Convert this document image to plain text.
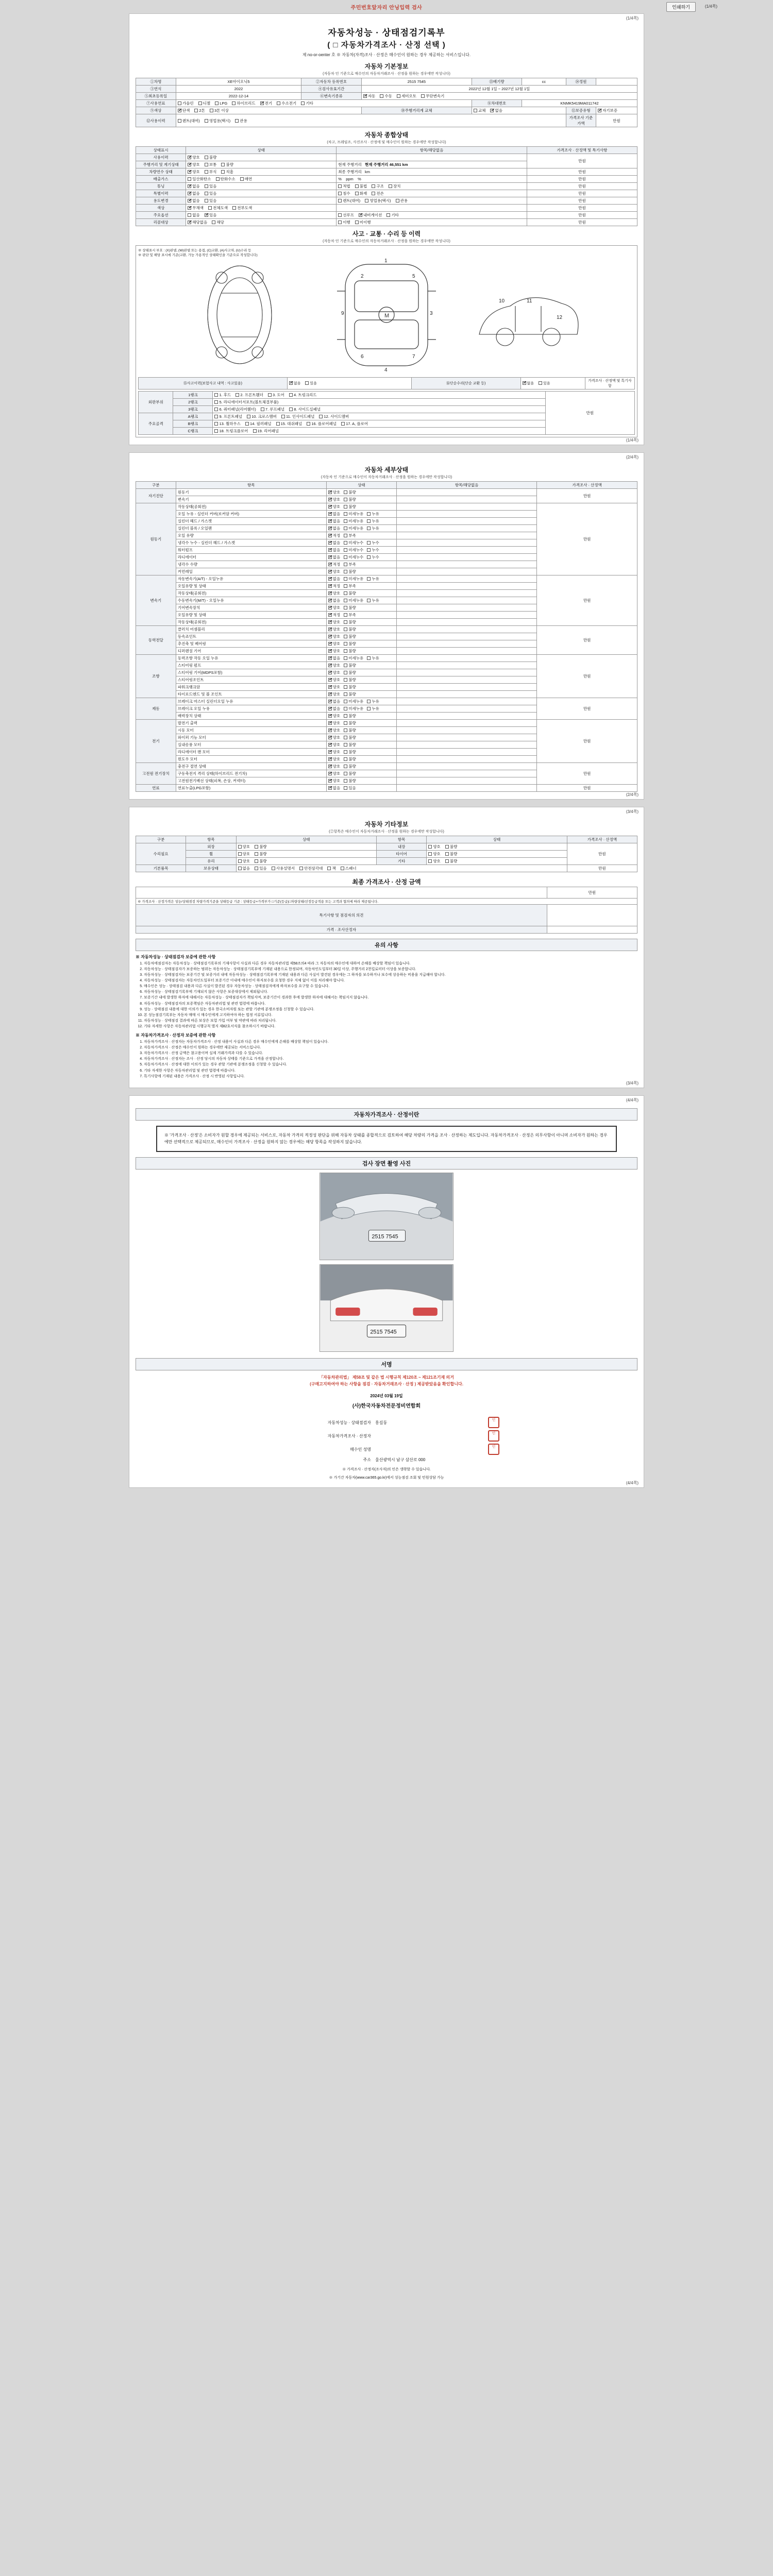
주민번호앞자리 안닝입력 검사	인쇄하기	(1/4쪽)
(1/4쪽)
자동차성능 · 상태점검기록부
( □ 자동차가격조사 · 산정 선택 )
제 no-or-oenter 호 ※ 자동차(자격)조사 · 산정은 매수인이 원하는 경우 제공하는 서비스입니다.
자동차 기본정보
(자동차 인 기준으로 매수인의 자동차거래조사 · 산정을 원하는 경우에만 작성니다)
①차명	XE아이오닉5	②자동차 등록번호	2515 7545	⑬배기량	cc	⑭정원	
③연식	2022	④검사유효기간	2022년 12월 1일 ~ 2027년 12월 1일				
⑤최초등록일	2022-12-14	⑥변속기종류	✔자동 수동 세미오토 무단변속기
⑦사용연료	가솔린 디젤 LPG 하이브리드 ✔ 전기 수소전기 기타			⑧차대번호	KNMK5419MA011742		
⑨색상	✔단색 2톤 3톤 이상		⑩주행거리계 교체	교체 ✔ 없음		⑪보증유형	✔자기보증
⑫사용이력	렌트(대여) 영업용(택시) 관용					가격조사 기준가액	만원
자동차 종합상태
(차고, 프레임조, 사진조사 · 산정에 및 매수인이 원하는 경우에만 작성합니다)
상태표시	상태	항목/해당없음	가격조사 · 산정액 및 특기사항
사용이력	✔양호 불량		만원
주행거리 및 계기상태	✔양호 보통 불량	현재 주행거리   현재 주행거리 46,551 km	
차량연수 상태	✔양호 부식 직흠	최종 주행거리   km	만원
배출가스	일산화탄소 탄화수소 매연	%    ppm    %	만원
튜닝	✔없음 있음	적법 불법 구조 장치	만원
특별이력	✔없음 있음	침수 화재 전손	만원
용도변경	✔없음 있음	렌트(대여) 영업용(택시) 관용	만원
색상	✔무채색 전체도색 전부도색		만원
주요옵션	없음 ✔ 있음	선루프 ✔ 내비게이션 기타	만원
리콜대상	✔해당없음 해당	이행 미이행	만원
사고 · 교통 · 수리 등 이력
(자동차 인 기준으로 매수인의 자동차거래조사 · 산정을 원하는 경우에만 작성니다)
※ 상태표시 부호 : (X)판넬, (W)판넬 또는 용접, (C)교환, (A)사고차, (U)수리 등
※ 판단 및 해당 표시에 기준(교환, 가능 가용적인 상태확인을 기준으로 작성합니다)
M
1
4
9	3
2	5
6	7
10	11
12
⑮사고이력(보험사고 내역 : 사고있음)	✔없음	있음	⑯단순수리(단순 교환 등)	✔없음	있음	가격조사 · 산정액 및 특기사항
외판부위	1랭크	1. 후드 2. 프론트휀더 3. 도어 4. 트렁크리드	만원
	2랭크	5. 라디에이터서포트(볼트체결부품)	
	3랭크	6. 쿼터패널(리어휀더) 7. 루프패널 8. 사이드실패널	
주요골격	A랭크	9. 프론트패널 10. 크로스맴버 11. 인사이드패널 12. 사이드맴버	
	B랭크	13. 휠하우스 14. 필러패널 15. 대쉬패널 16. 플로어패널 17. A, 플로어	
	C랭크	18. 트렁크플로어 19. 리어패널	
(1/4쪽)
(2/4쪽)
자동차 세부상태
(자동차 인 기준으로 매수인이 자동차거래조사 · 산정을 원하는 경우에만 작성합니다)
구분	항목	상태	항목/해당없음	가격조사 · 산정액
자기진단	원동기	✔양호 불량		만원
	변속기	✔양호 불량	
원동기	작동상태(공회전)	✔양호 불량		만원
	오일 누유 - 실린더 커버(로커암 커버)	✔없음 미세누유 누유	
	실린더 헤드 / 가스켓	✔없음 미세누유 누유	
	실린더 블록 / 오일팬	✔없음 미세누유 누유	
	오일 유량	✔적정 부족	
	냉각수 누수 - 실린더 헤드 / 가스켓	✔없음 미세누수 누수	
	워터펌프	✔없음 미세누수 누수	
	라디에이터	✔없음 미세누수 누수	
	냉각수 수량	✔적정 부족	
	커먼레일	✔양호 불량	
변속기	자동변속기(A/T) - 오일누유	✔없음 미세누유 누유		만원
	오일유량 및 상태	✔적정 부족	
	작동상태(공회전)	✔양호 불량	
	수동변속기(M/T) - 오일누유	✔없음 미세누유 누유	
	기어변속장치	✔양호 불량	
	오일유량 및 상태	✔적정 부족	
	작동상태(공회전)	✔양호 불량	
동력전달	클러치 어셈블리	✔양호 불량		만원
	등속죠인트	✔양호 불량	
	추진축 및 베어링	✔양호 불량	
	디퍼렌셜 기어	✔양호 불량	
조향	동력조향 작동 오일 누유	✔없음 미세누유 누유		만원
	스티어링 펌프	✔양호 불량	
	스티어링 기어(MDPS포함)	✔양호 불량	
	스티어링조인트	✔양호 불량	
	파워크랭크암	✔양호 불량	
	타이로드엔드 및 볼 조인트	✔양호 불량	
제동	브레이크 마스터 실린더오일 누유	✔없음 미세누유 누유		만원
	브레이크 오일 누유	✔없음 미세누유 누유	
	배력장치 상태	✔양호 불량	
전기	발전기 출력	✔양호 불량		만원
	시동 모터	✔양호 불량	
	와이퍼 기능 모터	✔양호 불량	
	실내송풍 모터	✔양호 불량	
	라디에이터 팬 모터	✔양호 불량	
	윈도우 모터	✔양호 불량	
고전원 전기장치	충전구 절연 상태	✔양호 불량		만원
	구동축전지 격리 상태(하이브리드 전기차)	✔양호 불량	
	고전원전기배선 상태(피복, 손상, 커넥터)	✔양호 불량	
연료	연료누출(LPG포함)	✔없음 있음		만원
(2/4쪽)
(3/4쪽)
자동차 기타정보
(②항목은 매수인이 자동차거래조사 · 산정을 원하는 경우에만 작성합니다)
구분	항목	상태	항목	상태	가격조사 · 산정액
수리필요	외장	양호 불량	내장	양호 불량	만원
	휠	양호 불량	타이어	양호 불량	
	유리	양호 불량	기타	양호 불량	
기본품목	보유상태	없음 있음 사용설명서 안전삼각대 잭 스패너			만원
최종 가격조사 · 산정 금액
	만원
※ 가격조사 · 산정가격은 성능/상태점검 차량가격기준을 상태등급 기준 : 상태등급+가격부가 □기준(등급)□차량상태/선정등급적용 또는 고객과 협의에 따라 제공됩니다.	
특기사항 및 점검자의 의견	
가격 · 조사산정자	
유의 사항
※ 자동차성능 · 상태점검자 보증에 관한 사항
1. 자동차에점검자는 자동차성능 · 상태점검기록부의 기재사항이 사실과 다른 경우 자동차관리법 제58조의4 따라 그 자동차의 매수인에 대하여 손해를 배상할 책임이 있습니다.
2. 자동차성능 · 상태점검자가 보증하는 범위는 자동차성능 · 상태점검기록부에 기재된 내용으로 한정되며, 자동차인도일부터 30일 이상, 주행거리 2천킬로미터 이상을 보증합니다.
3. 자동차성능 · 상태점검자는 보증기간 및 보증거리 내에 자동차성능 · 상태점검기록부에 기재된 내용과 다른 사실이 발견된 경우에는 그 하자를 보수하거나 보수에 상응하는 비용을 지급해야 합니다.
4. 자동차성능 · 상태점검자는 자동차인도일부터 보증기간 이내에 매수인이 하자보수를 요청한 경우 지체 없이 이를 처리해야 합니다.
5. 매수인은 성능 · 상태점검 내용과 다른 사실이 발견된 경우 자동차성능 · 상태점검자에게 하자보수를 요구할 수 있습니다.
6. 자동차성능 · 상태점검기록부에 기재되지 않은 사항은 보증대상에서 제외됩니다.
7. 보증기간 내에 발생한 하자에 대해서는 자동차성능 · 상태점검자가 책임지며, 보증기간이 경과한 후에 발생한 하자에 대해서는 책임지지 않습니다.
8. 자동차성능 · 상태점검자의 보증책임은 자동차관리법 및 관련 법령에 따릅니다.
9. 성능 · 상태점검 내용에 대한 이의가 있는 경우 한국소비자원 또는 관할 기관에 분쟁조정을 신청할 수 있습니다.
10. 본 성능점검기록부는 자동차 매매 시 매수인에게 고지하여야 하는 법정 서류입니다.
11. 자동차성능 · 상태점검 결과에 따른 보상은 보험 가입 여부 및 약관에 따라 처리됩니다.
12. 기타 자세한 사항은 자동차관리법 시행규칙 별지 제82호서식을 참조하시기 바랍니다.
※ 자동차가격조사 · 산정자 보증에 관한 사항
1. 자동차가격조사 · 산정자는 자동차가격조사 · 산정 내용이 사실과 다른 경우 매수인에게 손해를 배상할 책임이 있습니다.
2. 자동차가격조사 · 산정은 매수인이 원하는 경우에만 제공되는 서비스입니다.
3. 자동차가격조사 · 산정 금액은 참고용이며 실제 거래가격과 다를 수 있습니다.
4. 자동차가격조사 · 산정자는 조사 · 산정 당시의 자동차 상태를 기준으로 가격을 산정합니다.
5. 자동차가격조사 · 산정에 대한 이의가 있는 경우 관할 기관에 분쟁조정을 신청할 수 있습니다.
6. 기타 자세한 사항은 자동차관리법 및 관련 법령에 따릅니다.
7. 특기사항에 기재된 내용은 가격조사 · 산정 시 반영된 사항입니다.
(3/4쪽)
(4/4쪽)
자동차가격조사 · 산정이란
※ '가격조사 · 산정'은 소비자가 원할 경우에 제공되는 서비스로, 자동차 가격의 적정성 판단을 위해 자동차 상태를 종합적으로 검토하여 해당 차량의 가격을 조사 · 산정하는 제도입니다. 자동차가격조사 · 산정은 의무사항이 아니며 소비자가 원하는 경우에만 선택적으로 제공되므로, 매수인이 가격조사 · 산정을 원하지 않는 경우에는 해당 항목을 작성하지 않습니다.
검사 장면 촬영 사진
2515 7545
2515 7545
서명
「자동차관리법」 제58조 및 같은 법 시행규칙 제120조 ~ 제121조기재 의거
(구매고지하여야 하는 사항을 점검 · 자동차거래조사 · 산정 ) 제공받았음을 확인합니다.
2024년 03월 19일
(사)한국자동차전문정비연합회
자동차성능 · 상태점검자	홍길동	인
자동차가격조사 · 산정자		인
매수인 성명		인
주소	울산광역시 남구 삼산로 000	
※ 가격조사 · 산정자(조사자)의 인은 생략할 수 있습니다.
※ 가기간 자동차(www.car365.go.kr)에서 성능점검 조회 및 민원상담 가능
(4/4쪽)
